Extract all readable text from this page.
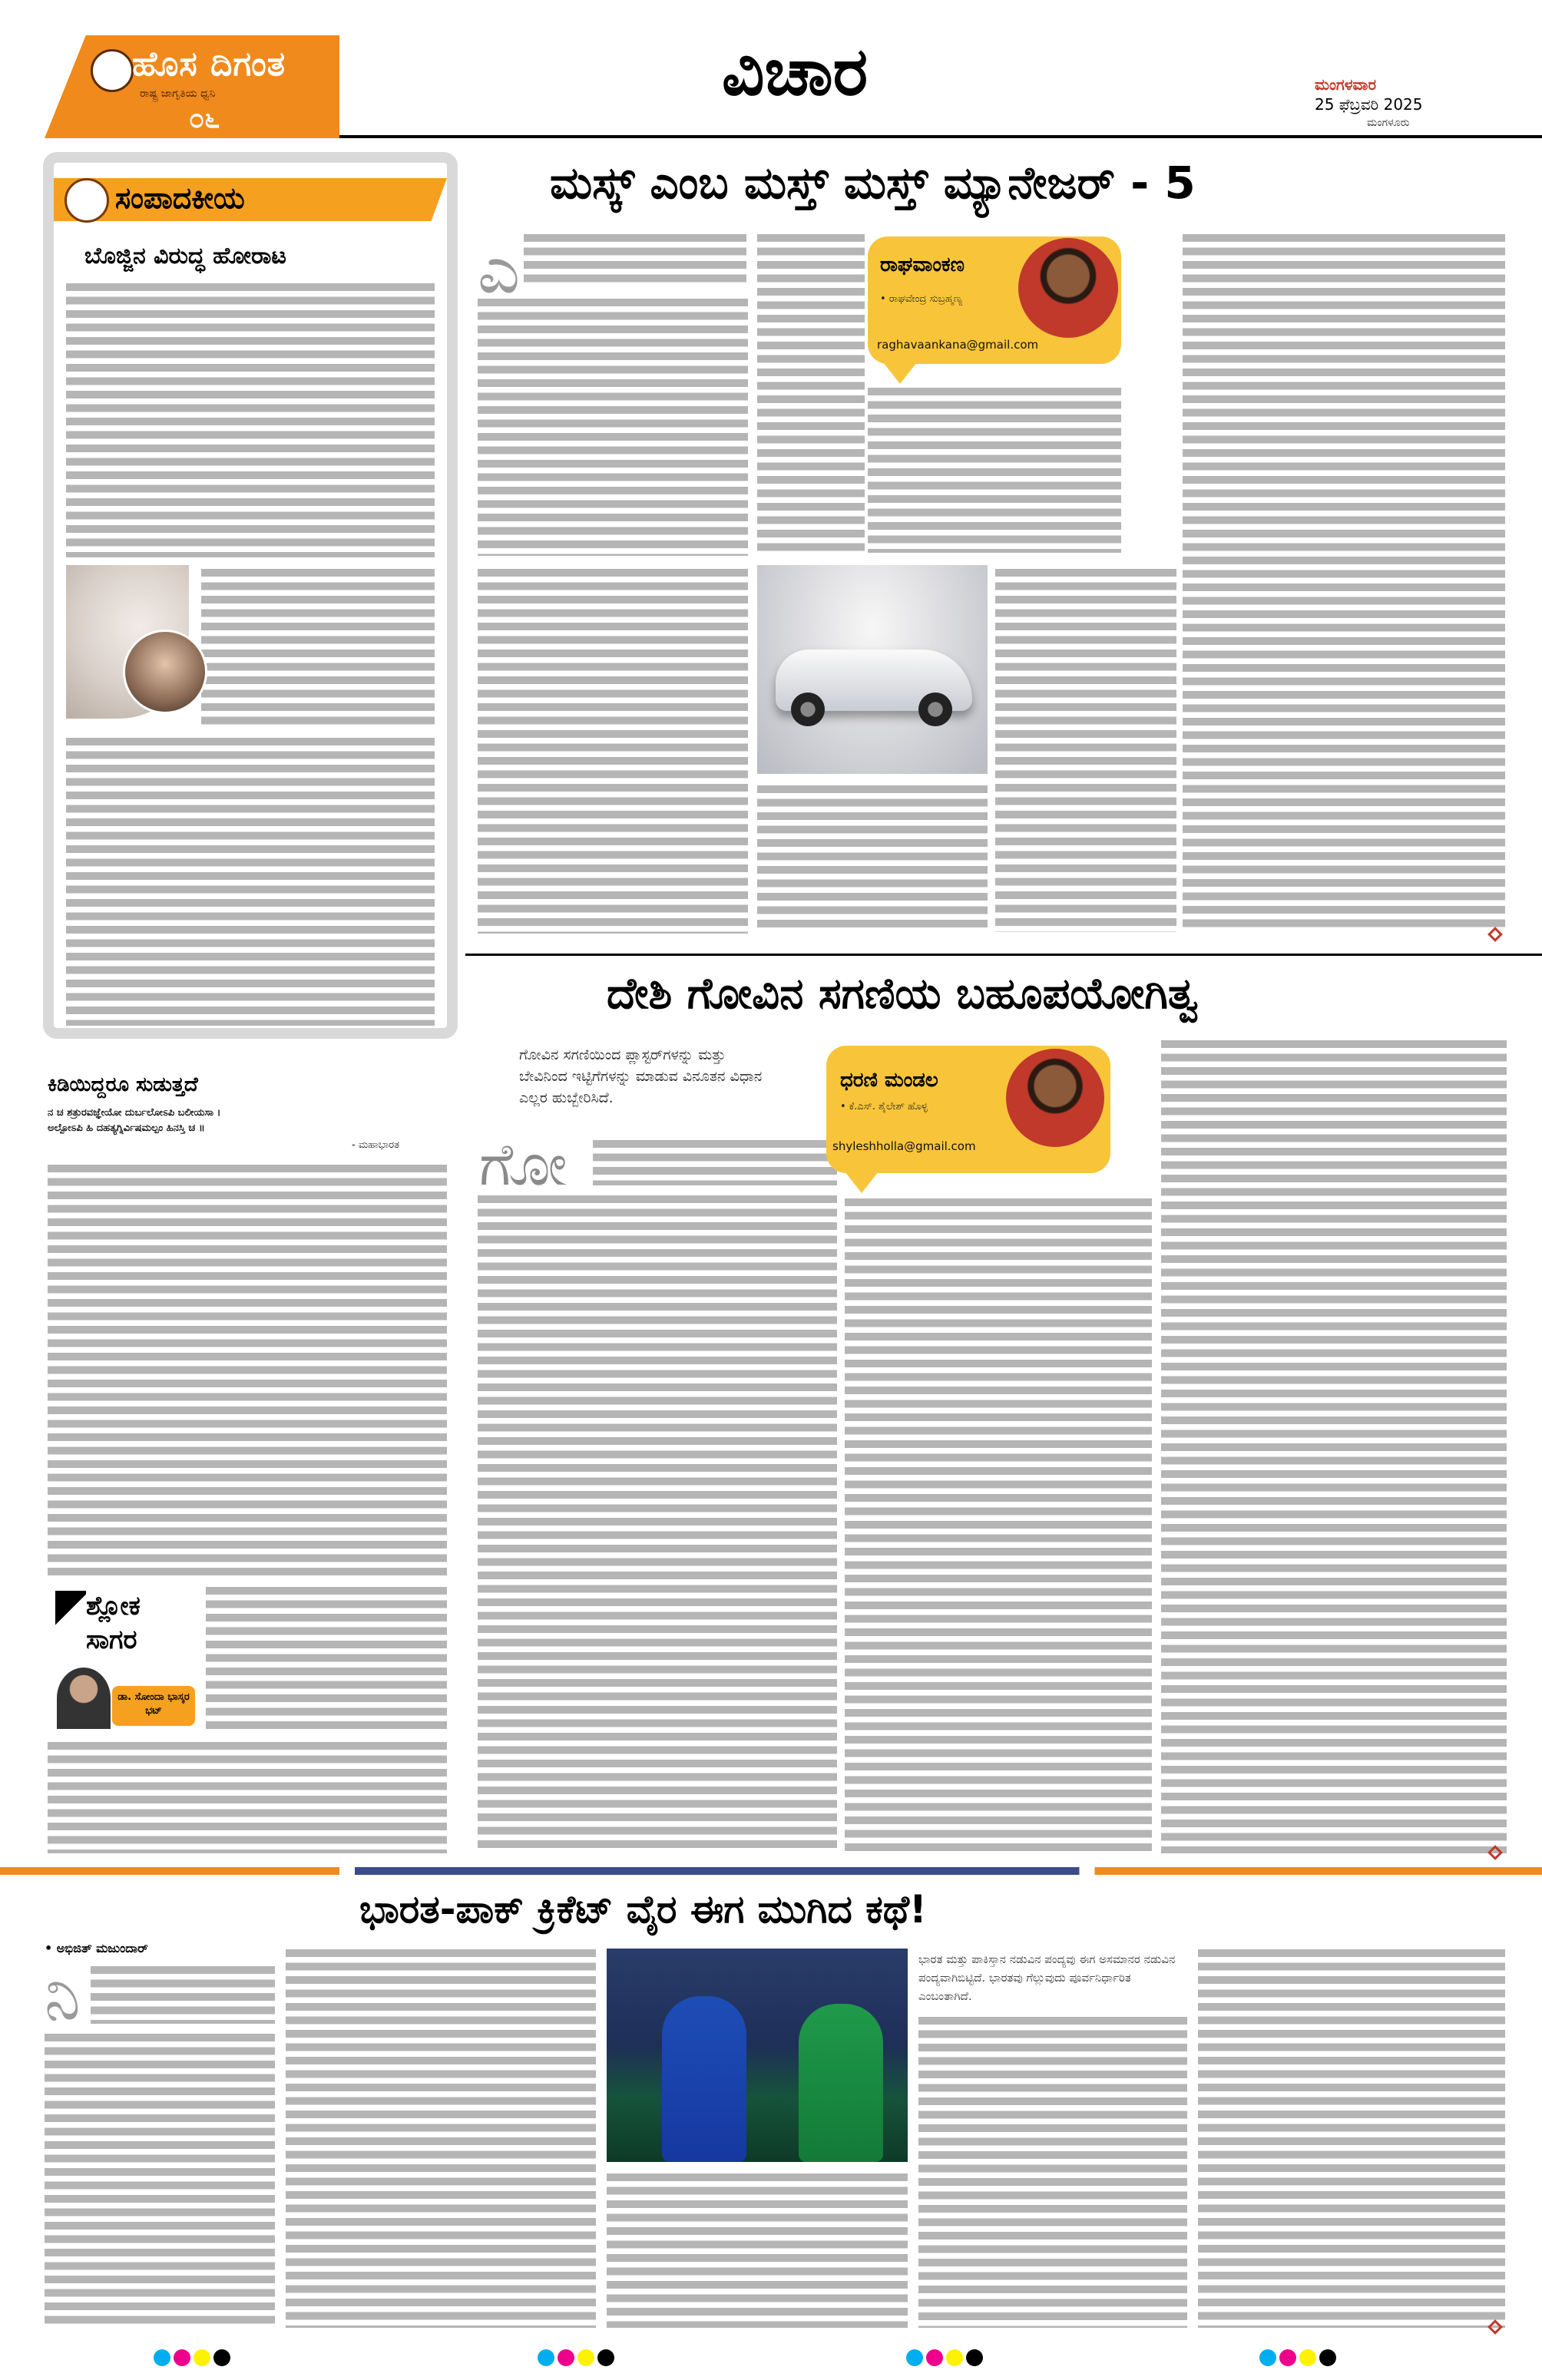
ಹೊಸ ದಿಗಂತ
ರಾಷ್ಟ್ರ ಜಾಗೃತಿಯ ಧ್ವನಿ
೦೬
ವಿಚಾರ	ಮಂಗಳವಾರ
25 ಫೆಬ್ರವರಿ 2025
ಮಂಗಳೂರು
ಸಂಪಾದಕೀಯ
ಬೊಜ್ಜಿನ ವಿರುದ್ಧ ಹೋರಾಟ
ಮಸ್ಕ್ ಎಂಬ ಮಸ್ತ್ ಮಸ್ತ್ ಮ್ಯಾನೇಜರ್ - 5
ಎ	ರಾಘವಾಂಕಣ
• ರಾಘವೇಂದ್ರ ಸುಬ್ರಹ್ಮಣ್ಯ
raghavaankana@gmail.com
ದೇಶಿ ಗೋವಿನ ಸಗಣಿಯ ಬಹೂಪಯೋಗಿತ್ವ
ಗೋವಿನ ಸಗಣಿಯಿಂದ ಪ್ಲಾಸ್ಟರ್‌ಗಳನ್ನು ಮತ್ತು ಬೇವಿನಿಂದ ಇಟ್ಟಿಗೆಗಳನ್ನು ಮಾಡುವ ವಿನೂತನ ವಿಧಾನ ಎಲ್ಲರ ಹುಬ್ಬೇರಿಸಿದೆ.
ಗೋ
ಧರಣಿ ಮಂಡಲ
• ಕೆ.ಎಸ್. ಶೈಲೇಶ್ ಹೊಳ್ಳ
shyleshholla@gmail.com
ಕಿಡಿಯಿದ್ದರೂ ಸುಡುತ್ತದೆ
ನ ಚ ಶತ್ರುರವಜ್ಞೇಯೋ ದುರ್ಬಲೋಽಪಿ ಬಲೀಯಸಾ ।
ಅಲ್ಪೋಽಪಿ ಹಿ ದಹತ್ಯಗ್ನಿರ್ವಿಷಮಲ್ಪಂ ಹಿನಸ್ತಿ ಚ ॥
- ಮಹಾಭಾರತ
ಶ್ಲೋಕ
ಸಾಗರ
ಡಾ. ಸೋಂದಾ ಭಾಸ್ಕರ ಭಟ್
ಭಾರತ-ಪಾಕ್ ಕ್ರಿಕೆಟ್ ವೈರ ಈಗ ಮುಗಿದ ಕಥೆ!
• ಅಭಿಜಿತ್ ಮಜುಂದಾರ್
ನಿ	ಭಾರತ ಮತ್ತು ಪಾಕಿಸ್ತಾನ ನಡುವಿನ ಪಂದ್ಯವು ಈಗ ಅಸಮಾನರ ನಡುವಿನ ಪಂದ್ಯವಾಗಿಬಿಟ್ಟಿದೆ. ಭಾರತವು ಗೆಲ್ಲುವುದು ಪೂರ್ವನಿರ್ಧಾರಿತ ಎಂಬಂತಾಗಿದೆ.
